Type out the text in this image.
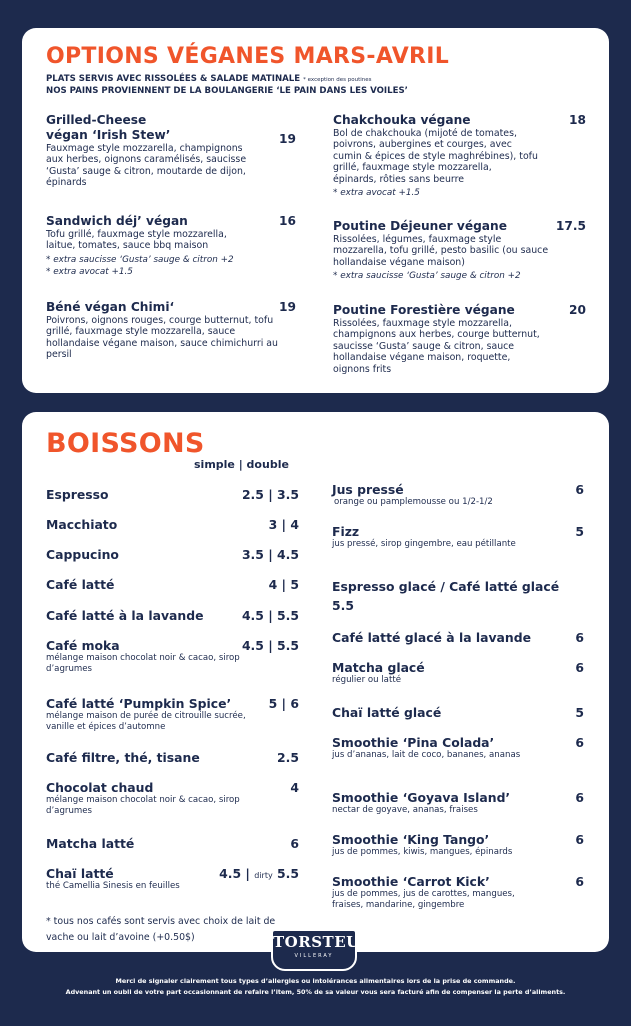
OPTIONS VÉGANES MARS-AVRIL
PLATS SERVIS AVEC RISSOLÉES & SALADE MATINALE * exception des poutines
NOS PAINS PROVIENNENT DE LA BOULANGERIE ‘LE PAIN DANS LES VOILES’
Grilled-Cheese
végan ‘Irish Stew’	19
Fauxmage style mozzarella, champignons aux herbes, oignons caramélisés, saucisse ‘Gusta’ sauge & citron, moutarde de dijon, épinards
Sandwich déj’ végan	16
Tofu grillé, fauxmage style mozzarella, laitue, tomates, sauce bbq maison
* extra saucisse ‘Gusta’ sauge & citron +2
* extra avocat +1.5
Béné végan Chimi‘	19
Poivrons, oignons rouges, courge butternut, tofu grillé, fauxmage style mozzarella, sauce hollandaise végane maison, sauce chimichurri au persil
Chakchouka végane	18
Bol de chakchouka (mijoté de tomates, poivrons, aubergines et courges, avec cumin & épices de style maghrébines), tofu grillé, fauxmage style mozzarella, épinards, rôties sans beurre
* extra avocat +1.5
Poutine Déjeuner végane	17.5
Rissolées, légumes, fauxmage style mozzarella, tofu grillé, pesto basilic (ou sauce hollandaise végane maison)
* extra saucisse ‘Gusta’ sauge & citron +2
Poutine Forestière végane	20
Rissolées, fauxmage style mozzarella, champignons aux herbes, courge butternut, saucisse ‘Gusta’ sauge & citron, sauce hollandaise végane maison, roquette, oignons frits
BOISSONS
simple | double
Espresso	2.5 | 3.5
Macchiato	3 | 4
Cappucino	3.5 | 4.5
Café latté	4 | 5
Café latté à la lavande	4.5 | 5.5
Café moka	4.5 | 5.5
mélange maison chocolat noir & cacao, sirop d’agrumes
Café latté ‘Pumpkin Spice’	5 | 6
mélange maison de purée de citrouille sucrée, vanille et épices d’automne
Café filtre, thé, tisane	2.5
Chocolat chaud	4
mélange maison chocolat noir & cacao, sirop d’agrumes
Matcha latté	6
Chaï latté	4.5 | dirty 5.5
thé Camellia Sinesis en feuilles
* tous nos cafés sont servis avec choix de lait de vache ou lait d’avoine (+0.50$)
Jus pressé	6
orange ou pamplemousse ou 1/2-1/2
Fizz	5
jus pressé, sirop gingembre, eau pétillante
Espresso glacé / Café latté glacé
5.5
Café latté glacé à la lavande	6
Matcha glacé	6
régulier ou latté
Chaï latté glacé	5
Smoothie ‘Pina Colada’	6
jus d’ananas, lait de coco, bananes, ananas
Smoothie ‘Goyava Island’	6
nectar de goyave, ananas, fraises
Smoothie ‘King Tango’	6
jus de pommes, kiwis, mangues, épinards
Smoothie ‘Carrot Kick’	6
jus de pommes, jus de carottes, mangues, fraises, mandarine, gingembre
TORSTEUR
VILLERAY
Merci de signaler clairement tous types d’allergies ou intolérances alimentaires lors de la prise de commande.
Advenant un oubli de votre part occasionnant de refaire l’item, 50% de sa valeur vous sera facturé afin de compenser la perte d’aliments.
